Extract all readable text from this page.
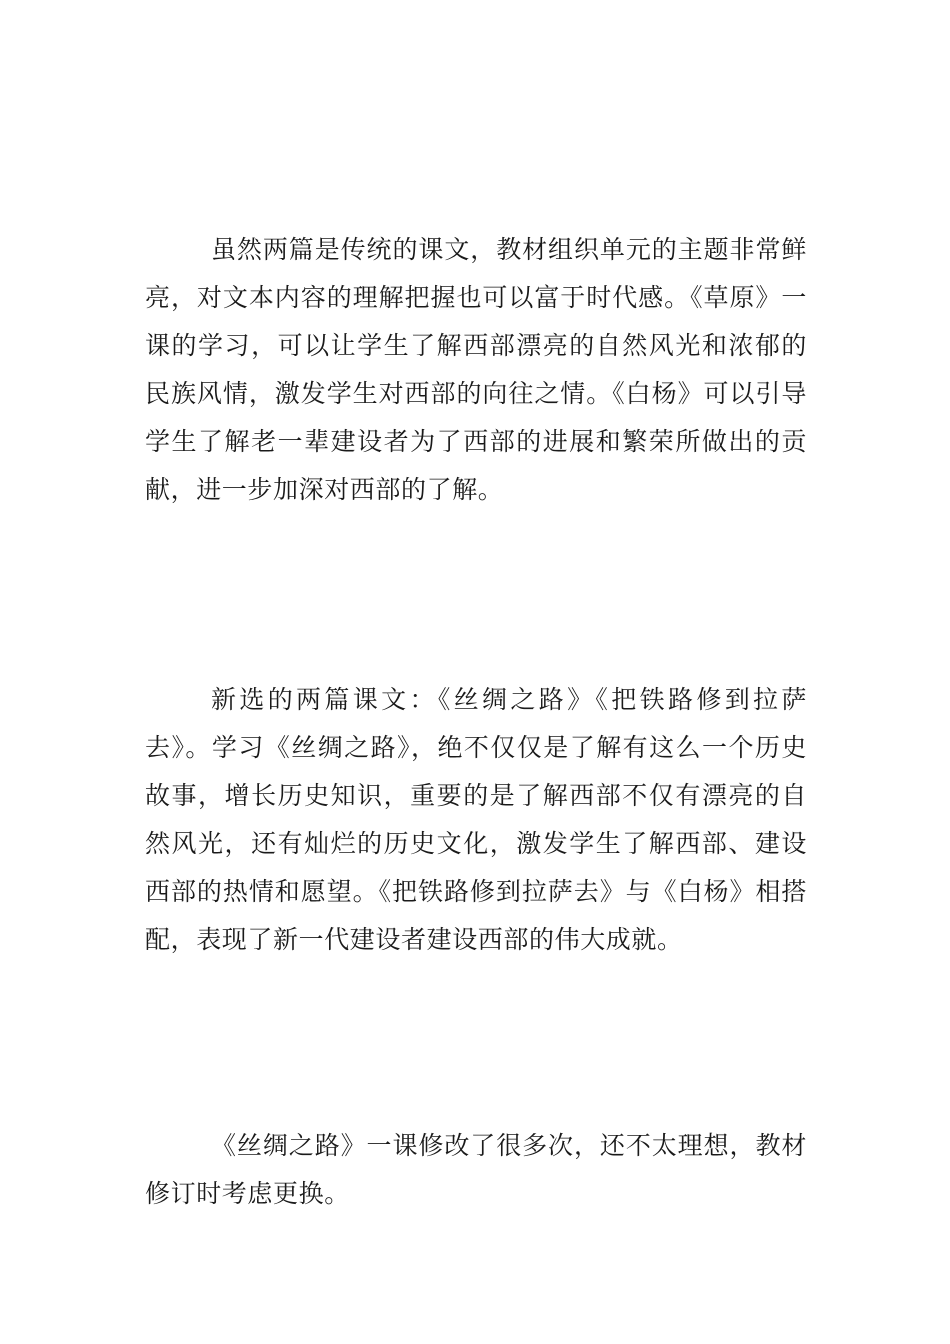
虽然两篇是传统的课文，教材组织单元的主题非常鲜亮，对文本内容的理解把握也可以富于时代感。《草原》一课的学习，可以让学生了解西部漂亮的自然风光和浓郁的民族风情，激发学生对西部的向往之情。《白杨》可以引导学生了解老一辈建设者为了西部的进展和繁荣所做出的贡献，进一步加深对西部的了解。

新选的两篇课文：《丝绸之路》《把铁路修到拉萨去》。学习《丝绸之路》，绝不仅仅是了解有这么一个历史故事，增长历史知识，重要的是了解西部不仅有漂亮的自然风光，还有灿烂的历史文化，激发学生了解西部、建设西部的热情和愿望。《把铁路修到拉萨去》与《白杨》相搭配，表现了新一代建设者建设西部的伟大成就。

《丝绸之路》一课修改了很多次，还不太理想，教材修订时考虑更换。
